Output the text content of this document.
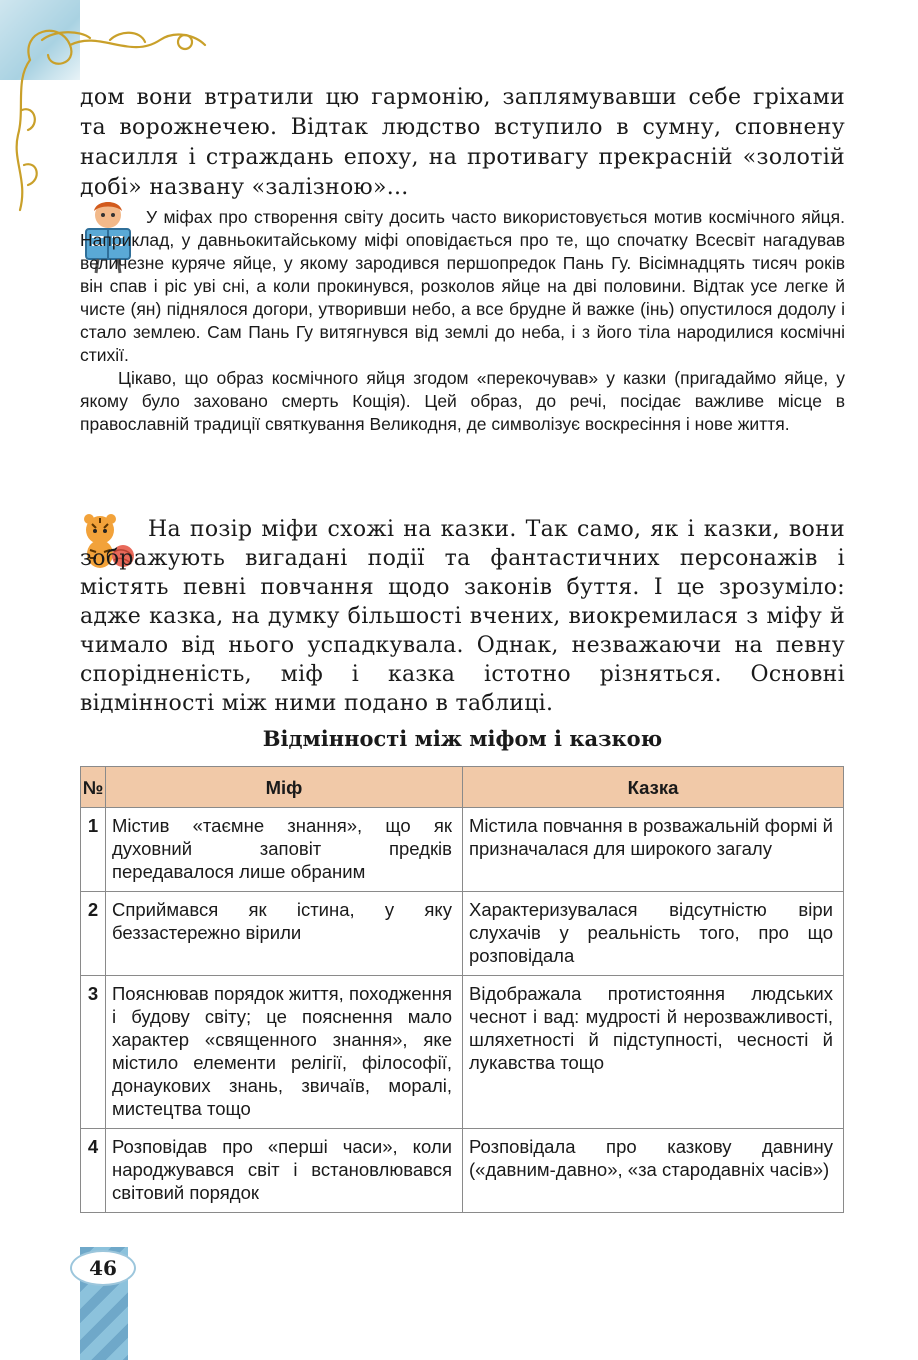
дом вони втратили цю гармонію, заплямувавши себе гріхами та ворожнечею. Відтак людство вступило в сумну, сповнену насилля і страждань епоху, на противагу прекрасній «золотій добі» названу «залізною»...

У міфах про створення світу досить часто використовується мотив космічного яйця. Наприклад, у давньокитайському міфі оповідається про те, що спочатку Всесвіт нагадував величезне куряче яйце, у якому зародився першопредок Пань Гу. Вісімнадцять тисяч років він спав і ріс уві сні, а коли прокинувся, розколов яйце на дві половини. Відтак усе легке й чисте (ян) піднялося догори, утворивши небо, а все брудне й важке (інь) опустилося додолу і стало землею. Сам Пань Гу витягнувся від землі до неба, і з його тіла народилися космічні стихії.

Цікаво, що образ космічного яйця згодом «перекочував» у казки (пригадаймо яйце, у якому було заховано смерть Кощія). Цей образ, до речі, посідає важливе місце в православній традиції святкування Великодня, де символізує воскресіння і нове життя.

На позір міфи схожі на казки. Так само, як і казки, вони зображують вигадані події та фантастичних персонажів і містять певні повчання щодо законів буття. І це зрозуміло: адже казка, на думку більшості вчених, виокремилася з міфу й чимало від нього успадкувала. Однак, незважаючи на певну спорідненість, міф і казка істотно різняться. Основні відмінності між ними подано в таблиці.

Відмінності між міфом і казкою
№	Міф	Казка
1	Містив «таємне знання», що як духовний заповіт предків передавалося лише обраним	Містила повчання в розважальній формі й призначалася для широкого загалу
2	Сприймався як істина, у яку беззастережно вірили	Характеризувалася відсутністю віри слухачів у реальність того, про що розповідала
3	Пояснював порядок життя, походження і будову світу; це пояснення мало характер «священного знання», яке містило елементи релігії, філософії, донаукових знань, звичаїв, моралі, мистецтва тощо	Відображала протистояння людських чеснот і вад: мудрості й нерозважливості, шляхетності й підступності, чесності й лукавства тощо
4	Розповідав про «перші часи», коли народжувався світ і встановлювався світовий порядок	Розповідала про казкову давнину («давним-давно», «за стародавніх часів»)
46
